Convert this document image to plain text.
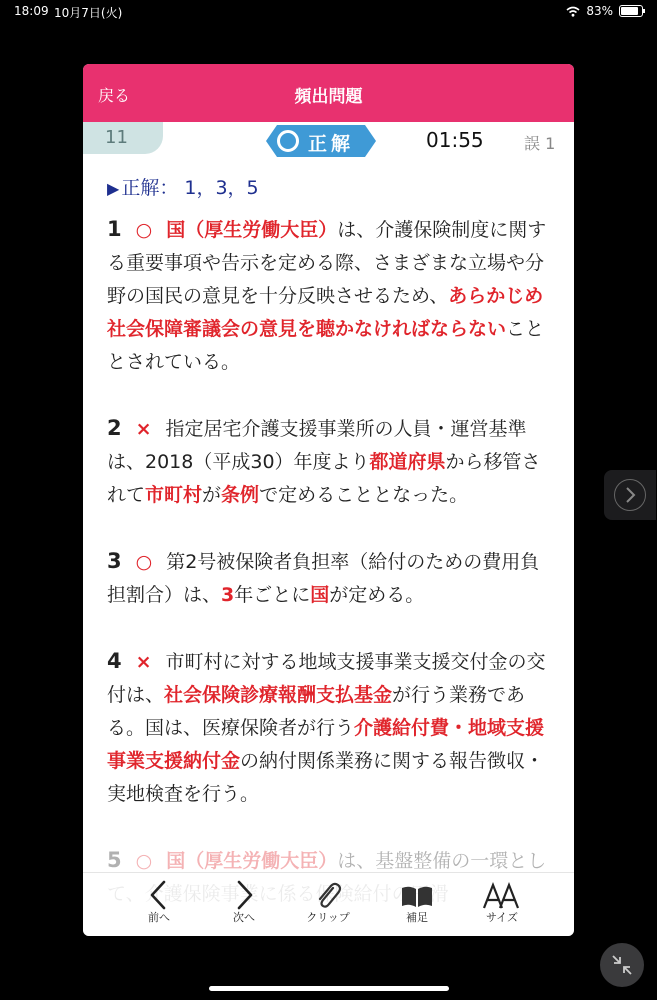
18:09 10月7日(火)	83%
戻る	頻出問題
11	正解	01:55	誤 1
▶ 正解： 1，3，5
1 ○ 国（厚生労働大臣）は、介護保険制度に関する重要事項や告示を定める際、さまざまな立場や分野の国民の意見を十分反映させるため、あらかじめ社会保障審議会の意見を聴かなければならないこととされている。
2 × 指定居宅介護支援事業所の人員・運営基準は、2018（平成30）年度より都道府県から移管されて市町村が条例で定めることとなった。
3 ○ 第2号被保険者負担率（給付のための費用負担割合）は、3年ごとに国が定める。
4 × 市町村に対する地域支援事業支援交付金の交付は、社会保険診療報酬支払基金が行う業務である。国は、医療保険者が行う介護給付費・地域支援事業支援納付金の納付関係業務に関する報告徴収・実地検査を行う。
5 ○ 国（厚生労働大臣）は、基盤整備の一環とし
前へ	次へ	クリップ	補足	サイズ
